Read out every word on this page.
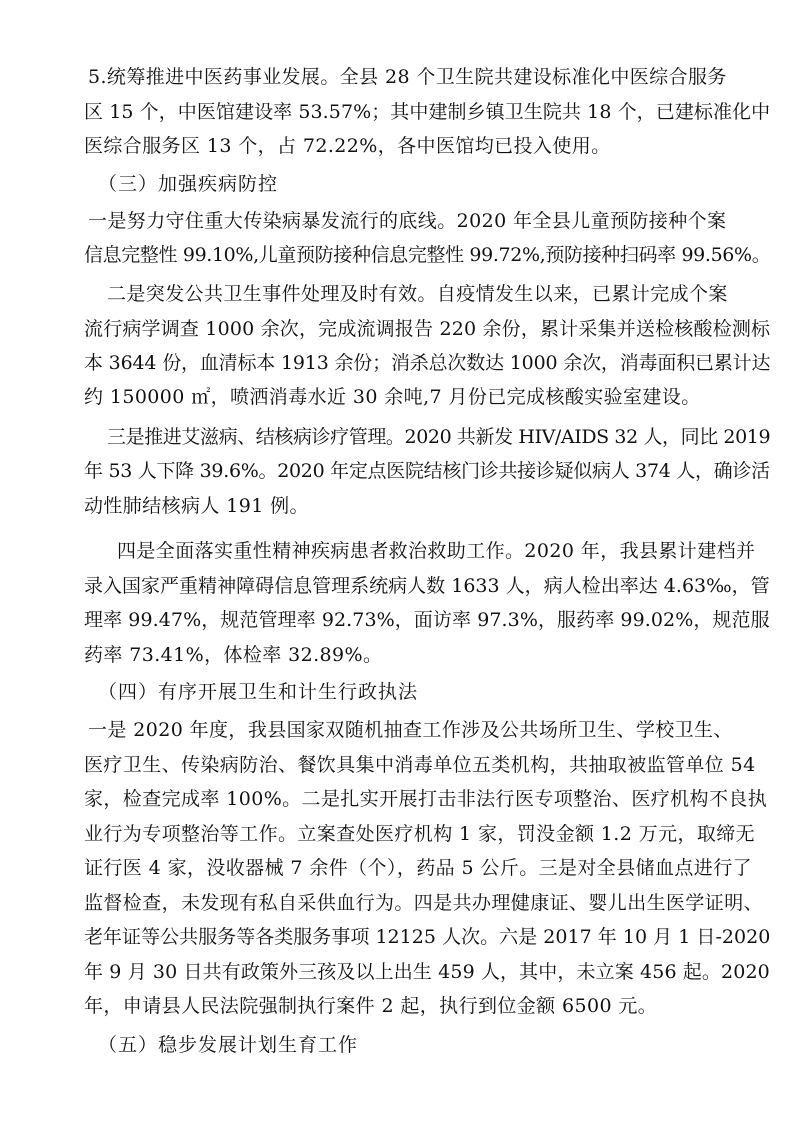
5.统筹推进中医药事业发展。全县 28 个卫生院共建设标准化中医综合服务
区 15 个，中医馆建设率 53.57%；其中建制乡镇卫生院共 18 个，已建标准化中
医综合服务区 13 个，占 72.22%，各中医馆均已投入使用。
（三）加强疾病防控
一是努力守住重大传染病暴发流行的底线。2020 年全县儿童预防接种个案
信息完整性 99.10%,儿童预防接种信息完整性 99.72%,预防接种扫码率 99.56%。
二是突发公共卫生事件处理及时有效。自疫情发生以来，已累计完成个案
流行病学调查 1000 余次，完成流调报告 220 余份，累计采集并送检核酸检测标
本 3644 份，血清标本 1913 余份；消杀总次数达 1000 余次，消毒面积已累计达
约 150000 ㎡，喷洒消毒水近 30 余吨,7 月份已完成核酸实验室建设。
三是推进艾滋病、结核病诊疗管理。2020 共新发 HIV/AIDS 32 人，同比 2019
年 53 人下降 39.6%。2020 年定点医院结核门诊共接诊疑似病人 374 人，确诊活
动性肺结核病人 191 例。
四是全面落实重性精神疾病患者救治救助工作。2020 年，我县累计建档并
录入国家严重精神障碍信息管理系统病人数 1633 人，病人检出率达 4.63‰，管
理率 99.47%，规范管理率 92.73%，面访率 97.3%，服药率 99.02%，规范服
药率 73.41%，体检率 32.89%。
（四）有序开展卫生和计生行政执法
一是 2020 年度，我县国家双随机抽查工作涉及公共场所卫生、学校卫生、
医疗卫生、传染病防治、餐饮具集中消毒单位五类机构，共抽取被监管单位 54
家，检查完成率 100%。二是扎实开展打击非法行医专项整治、医疗机构不良执
业行为专项整治等工作。立案查处医疗机构 1 家，罚没金额 1.2 万元，取缔无
证行医 4 家，没收器械 7 余件（个），药品 5 公斤。三是对全县储血点进行了
监督检查，未发现有私自采供血行为。四是共办理健康证、婴儿出生医学证明、
老年证等公共服务等各类服务事项 12125 人次。六是 2017 年 10 月 1 日-2020
年 9 月 30 日共有政策外三孩及以上出生 459 人，其中，未立案 456 起。2020
年，申请县人民法院强制执行案件 2 起，执行到位金额 6500 元。
（五）稳步发展计划生育工作
